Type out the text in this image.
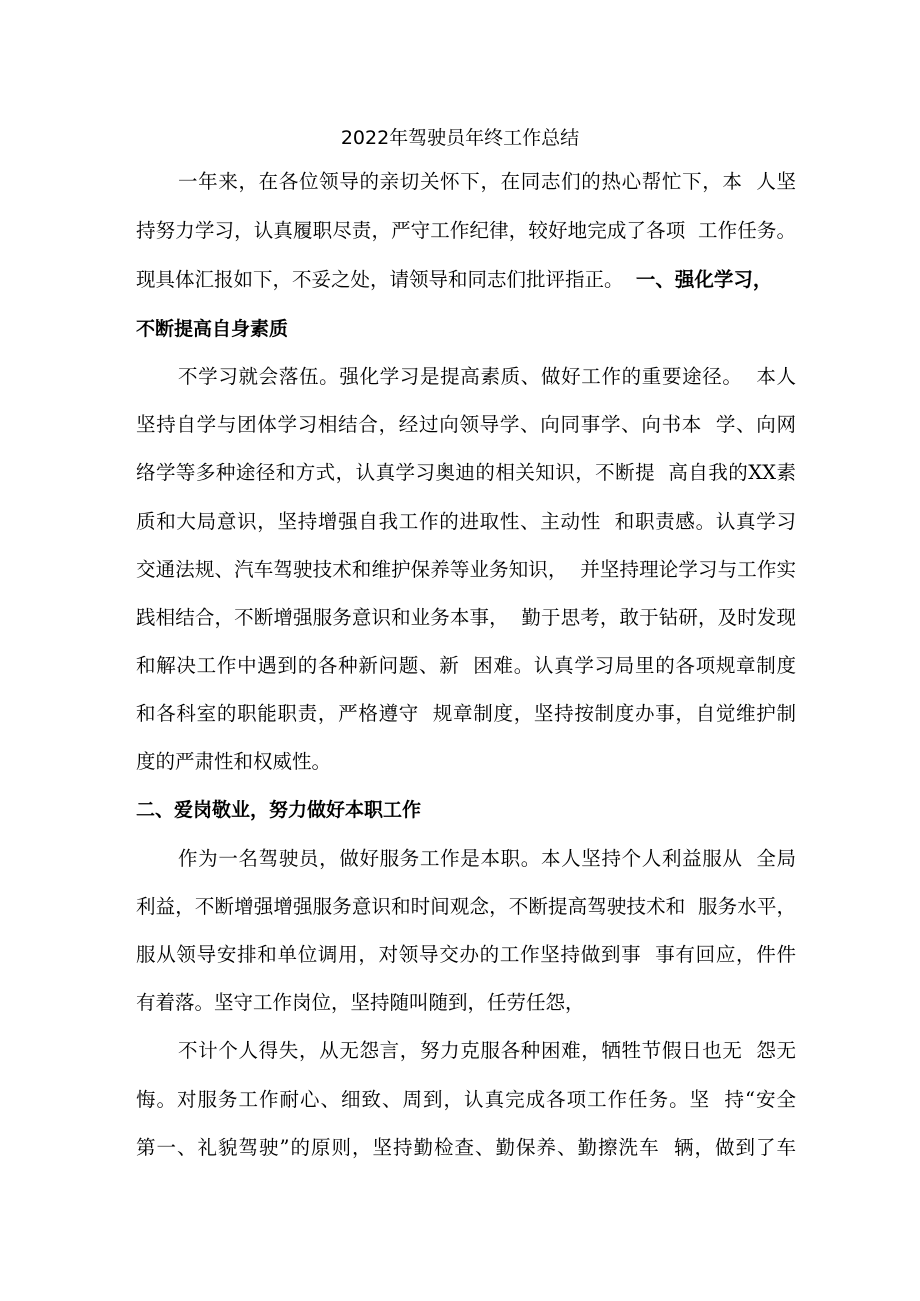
2022年驾驶员年终工作总结
一年来，在各位领导的亲切关怀下，在同志们的热心帮忙下，本  人坚
持努力学习，认真履职尽责，严守工作纪律，较好地完成了各项  工作任务。
现具体汇报如下，不妥之处，请领导和同志们批评指正。  一、强化学习，
不断提高自身素质
不学习就会落伍。强化学习是提高素质、做好工作的重要途径。  本人
坚持自学与团体学习相结合，经过向领导学、向同事学、向书本  学、向网
络学等多种途径和方式，认真学习奥迪的相关知识，不断提  高自我的XX素
质和大局意识，坚持增强自我工作的进取性、主动性  和职责感。认真学习
交通法规、汽车驾驶技术和维护保养等业务知识，  并坚持理论学习与工作实
践相结合，不断增强服务意识和业务本事，  勤于思考，敢于钻研，及时发现
和解决工作中遇到的各种新问题、新  困难。认真学习局里的各项规章制度
和各科室的职能职责，严格遵守  规章制度，坚持按制度办事，自觉维护制
度的严肃性和权威性。
二、爱岗敬业，努力做好本职工作
作为一名驾驶员，做好服务工作是本职。本人坚持个人利益服从  全局
利益，不断增强增强服务意识和时间观念，不断提高驾驶技术和  服务水平，
服从领导安排和单位调用，对领导交办的工作坚持做到事  事有回应，件件
有着落。坚守工作岗位，坚持随叫随到，任劳任怨，
不计个人得失，从无怨言，努力克服各种困难，牺牲节假日也无  怨无
悔。对服务工作耐心、细致、周到，认真完成各项工作任务。坚  持“安全
第一、礼貌驾驶”的原则，坚持勤检查、勤保养、勤擦洗车  辆，做到了车
